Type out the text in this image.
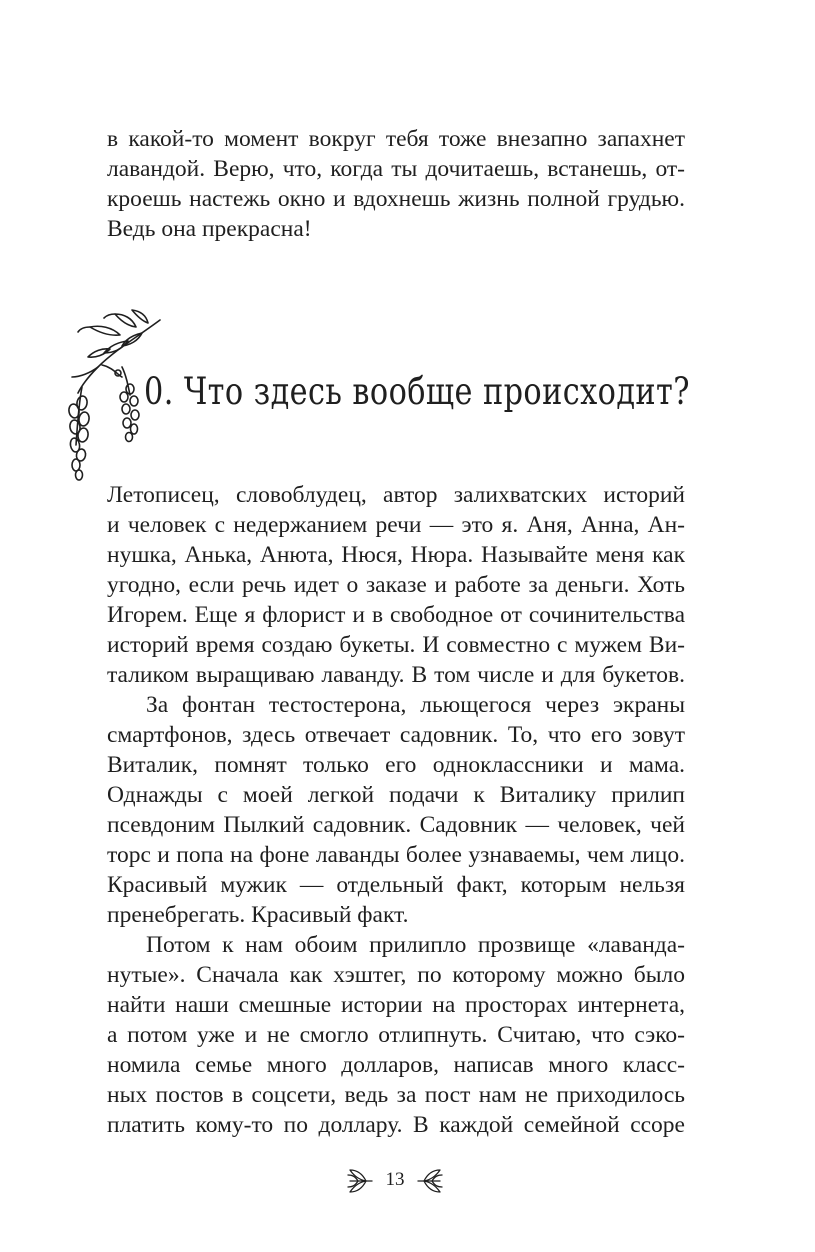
в какой-то момент вокруг тебя тоже внезапно запахнет

лавандой. Верю, что, когда ты дочитаешь, встанешь, от-

кроешь настежь окно и вдохнешь жизнь полной грудью.

Ведь она прекрасна!

0. Что здесь вообще происходит?

Летописец, словоблудец, автор залихватских историй

и человек с недержанием речи — это я. Аня, Анна, Ан-

нушка, Анька, Анюта, Нюся, Нюра. Называйте меня как

угодно, если речь идет о заказе и работе за деньги. Хоть

Игорем. Еще я флорист и в свободное от сочинительства

историй время создаю букеты. И совместно с мужем Ви-

таликом выращиваю лаванду. В том числе и для букетов.

За фонтан тестостерона, льющегося через экраны

смартфонов, здесь отвечает садовник. То, что его зовут

Виталик, помнят только его одноклассники и мама.

Однажды с моей легкой подачи к Виталику прилип

псевдоним Пылкий садовник. Садовник — человек, чей

торс и попа на фоне лаванды более узнаваемы, чем лицо.

Красивый мужик — отдельный факт, которым нельзя

пренебрегать. Красивый факт.

Потом к нам обоим прилипло прозвище «лаванда-

нутые». Сначала как хэштег, по которому можно было

найти наши смешные истории на просторах интернета,

а потом уже и не смогло отлипнуть. Считаю, что сэко-

номила семье много долларов, написав много класс-

ных постов в соцсети, ведь за пост нам не приходилось

платить кому-то по доллару. В каждой семейной ссоре

13
